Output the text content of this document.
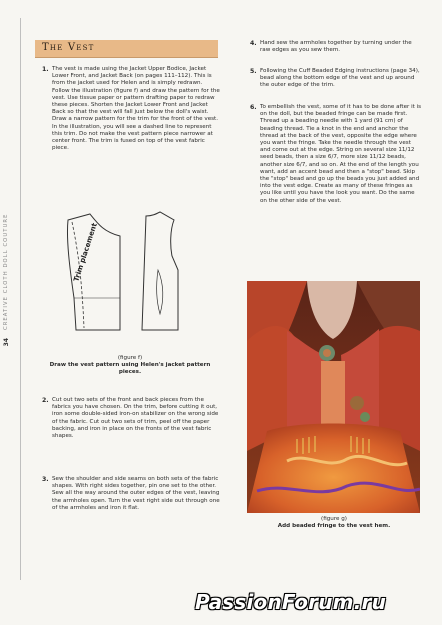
34
CREATIVE CLOTH DOLL COUTURE
The Vest
1. The vest is made using the Jacket Upper Bodice, Jacket Lower Front, and Jacket Back (on pages 111–112). This is from the jacket used for Helen and is simply redrawn. Follow the illustration (figure f) and draw the pattern for the vest. Use tissue paper or pattern drafting paper to redraw these pieces. Shorten the Jacket Lower Front and Jacket Back so that the vest will fall just below the doll's waist. Draw a narrow pattern for the trim for the front of the vest. In the illustration, you will see a dashed line to represent this trim. Do not make the vest pattern piece narrower at center front. The trim is fused on top of the vest fabric piece.
Trim placement
(figure f)
Draw the vest pattern using Helen's jacket pattern pieces.
2. Cut out two sets of the front and back pieces from the fabrics you have chosen. On the trim, before cutting it out, iron some double-sided iron-on stabilizer on the wrong side of the fabric. Cut out two sets of trim, peel off the paper backing, and iron in place on the fronts of the vest fabric shapes.
3. Sew the shoulder and side seams on both sets of the fabric shapes. With right sides together, pin one set to the other. Sew all the way around the outer edges of the vest, leaving the armholes open. Turn the vest right side out through one of the armholes and iron it flat.
4. Hand sew the armholes together by turning under the raw edges as you sew them.
5. Following the Cuff Beaded Edging instructions (page 34), bead along the bottom edge of the vest and up around the outer edge of the trim.
6. To embellish the vest, some of it has to be done after it is on the doll, but the beaded fringe can be made first. Thread up a beading needle with 1 yard (91 cm) of beading thread. Tie a knot in the end and anchor the thread at the back of the vest, opposite the edge where you want the fringe. Take the needle through the vest and come out at the edge. String on several size 11/12 seed beads, then a size 6/7, more size 11/12 beads, another size 6/7, and so on. At the end of the length you want, add an accent bead and then a "stop" bead. Skip the "stop" bead and go up the beads you just added and into the vest edge. Create as many of these fringes as you like until you have the look you want. Do the same on the other side of the vest.
(figure g)
Add beaded fringe to the vest hem.
PassionForum.ru
